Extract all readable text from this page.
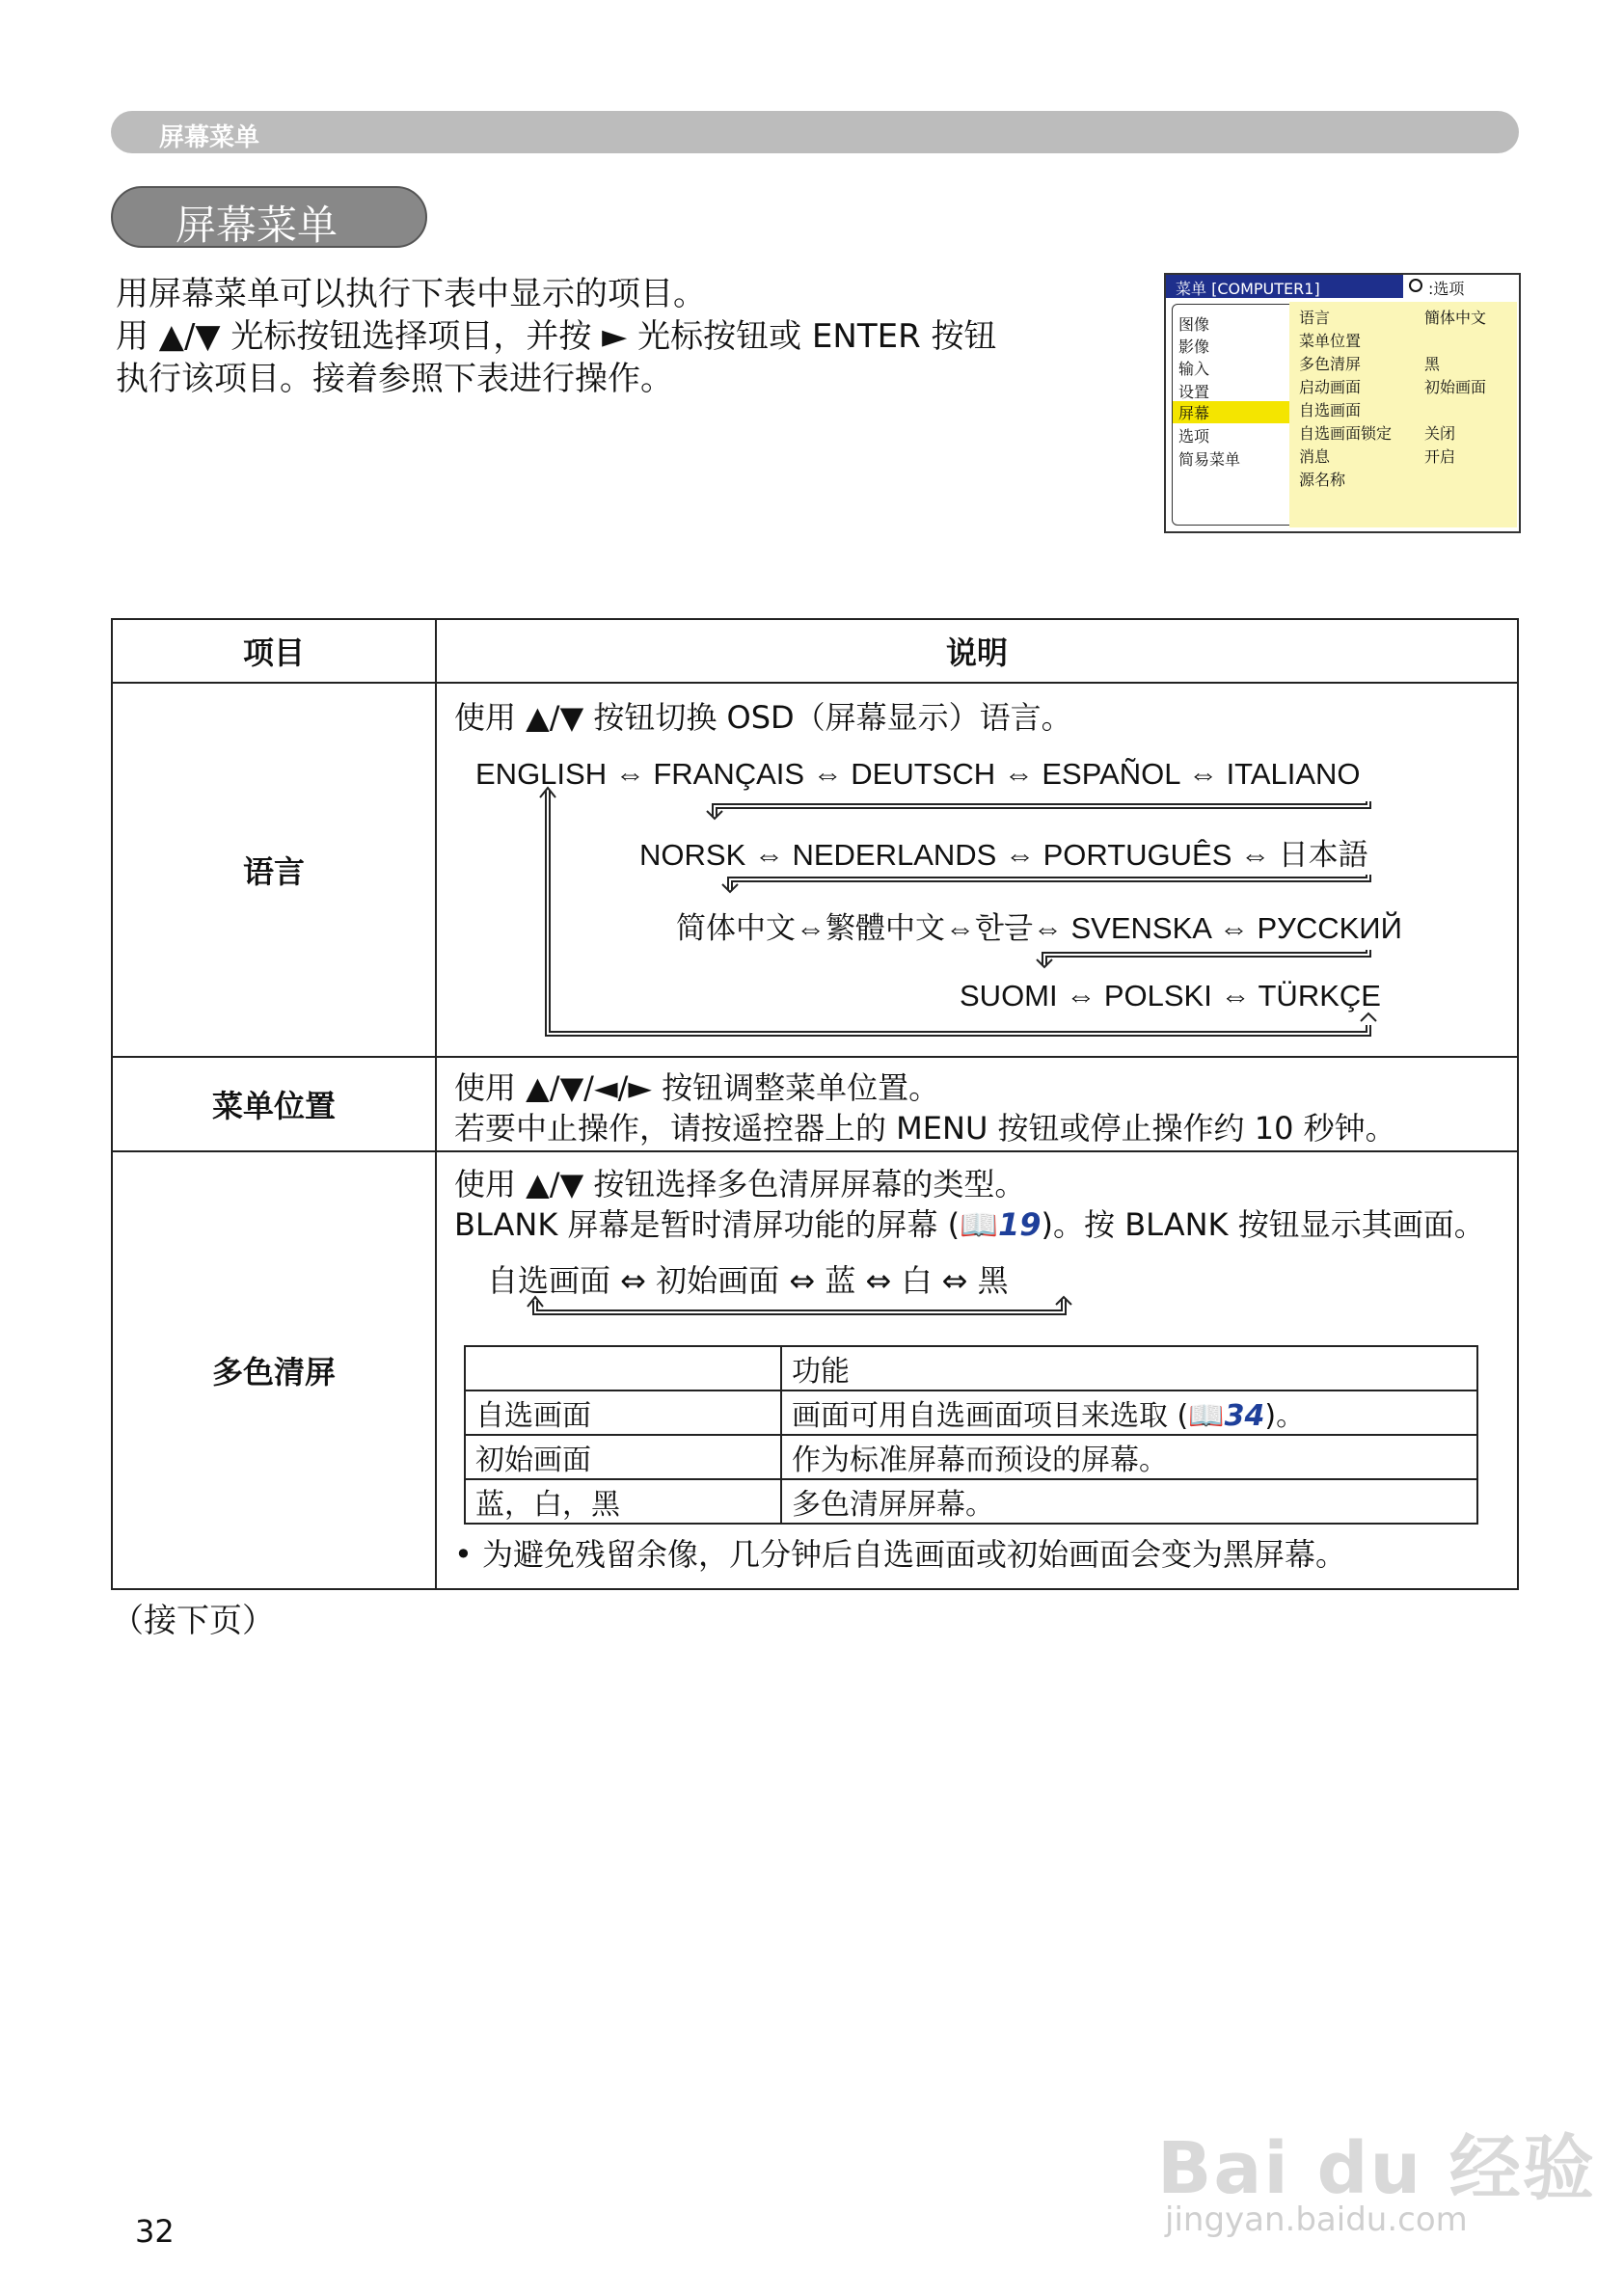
屏幕菜单
屏幕菜单
用屏幕菜单可以执行下表中显示的项目。
用 ▲/▼ 光标按钮选择项目，并按 ► 光标按钮或 ENTER 按钮
执行该项目。接着参照下表进行操作。
菜单 [COMPUTER1]	:选项
图像
影像
输入
设置
屏幕
选项
简易菜单
语言	簡体中文
菜单位置
多色清屏	黑
启动画面	初始画面
自选画面
自选画面锁定 关闭
消息	开启
源名称
项目	说明
语言	
使用 ▲/▼ 按钮切换 OSD（屏幕显示）语言。
ENGLISH ⇔ FRANÇAIS ⇔ DEUTSCH ⇔ ESPAÑOL ⇔ ITALIANO
NORSK ⇔ NEDERLANDS ⇔ PORTUGUÊS ⇔ 日本語
简体中文⇔繁體中文⇔한글⇔ SVENSKA ⇔ PУCCKИЙ
SUOMI ⇔ POLSKI ⇔ TÜRKÇE

菜单位置	使用 ▲/▼/◄/► 按钮调整菜单位置。
若要中止操作，请按遥控器上的 MENU 按钮或停止操作约 10 秒钟。

多色清屏	
使用 ▲/▼ 按钮选择多色清屏屏幕的类型。
BLANK 屏幕是暂时清屏功能的屏幕 (📖19)。按 BLANK 按钮显示其画面。
自选画面 ⇔ 初始画面 ⇔ 蓝 ⇔ 白 ⇔ 黑
	功能
自选画面	画面可用自选画面项目来选取 (📖34)。
初始画面	作为标准屏幕而预设的屏幕。
蓝，白，黑	多色清屏屏幕。
• 为避免残留余像，几分钟后自选画面或初始画面会变为黑屏幕。
（接下页）
32
Bai du 经验
jingyan.baidu.com
